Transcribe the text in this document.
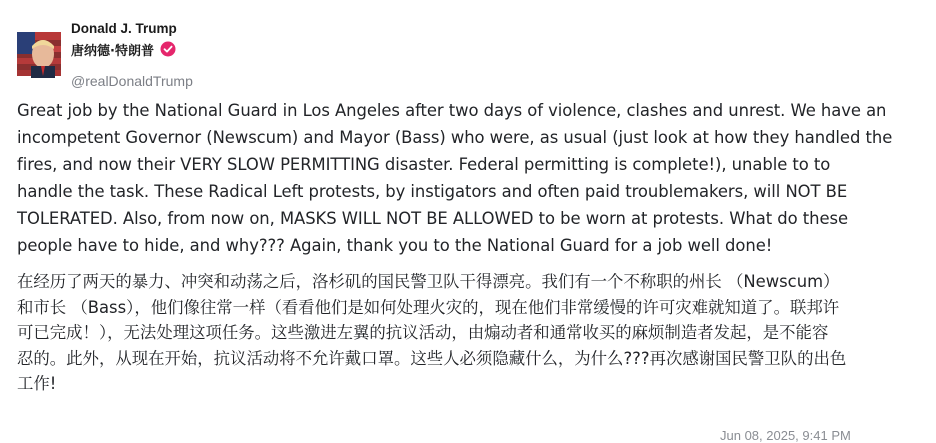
Donald J. Trump
唐纳德·特朗普
@realDonaldTrump
Great job by the National Guard in Los Angeles after two days of violence, clashes and unrest. We have an
incompetent Governor (Newscum) and Mayor (Bass) who were, as usual (just look at how they handled the
fires, and now their VERY SLOW PERMITTING disaster. Federal permitting is complete!), unable to to
handle the task. These Radical Left protests, by instigators and often paid troublemakers, will NOT BE
TOLERATED. Also, from now on, MASKS WILL NOT BE ALLOWED to be worn at protests. What do these
people have to hide, and why??? Again, thank you to the National Guard for a job well done!
在经历了两天的暴力、冲突和动荡之后，洛杉矶的国民警卫队干得漂亮。我们有一个不称职的州长 （Newscum）
和市长 （Bass），他们像往常一样（看看他们是如何处理火灾的，现在他们非常缓慢的许可灾难就知道了。联邦许
可已完成！），无法处理这项任务。这些激进左翼的抗议活动，由煽动者和通常收买的麻烦制造者发起，是不能容
忍的。此外，从现在开始，抗议活动将不允许戴口罩。这些人必须隐藏什么，为什么???再次感谢国民警卫队的出色
工作!
Jun 08, 2025, 9:41 PM
